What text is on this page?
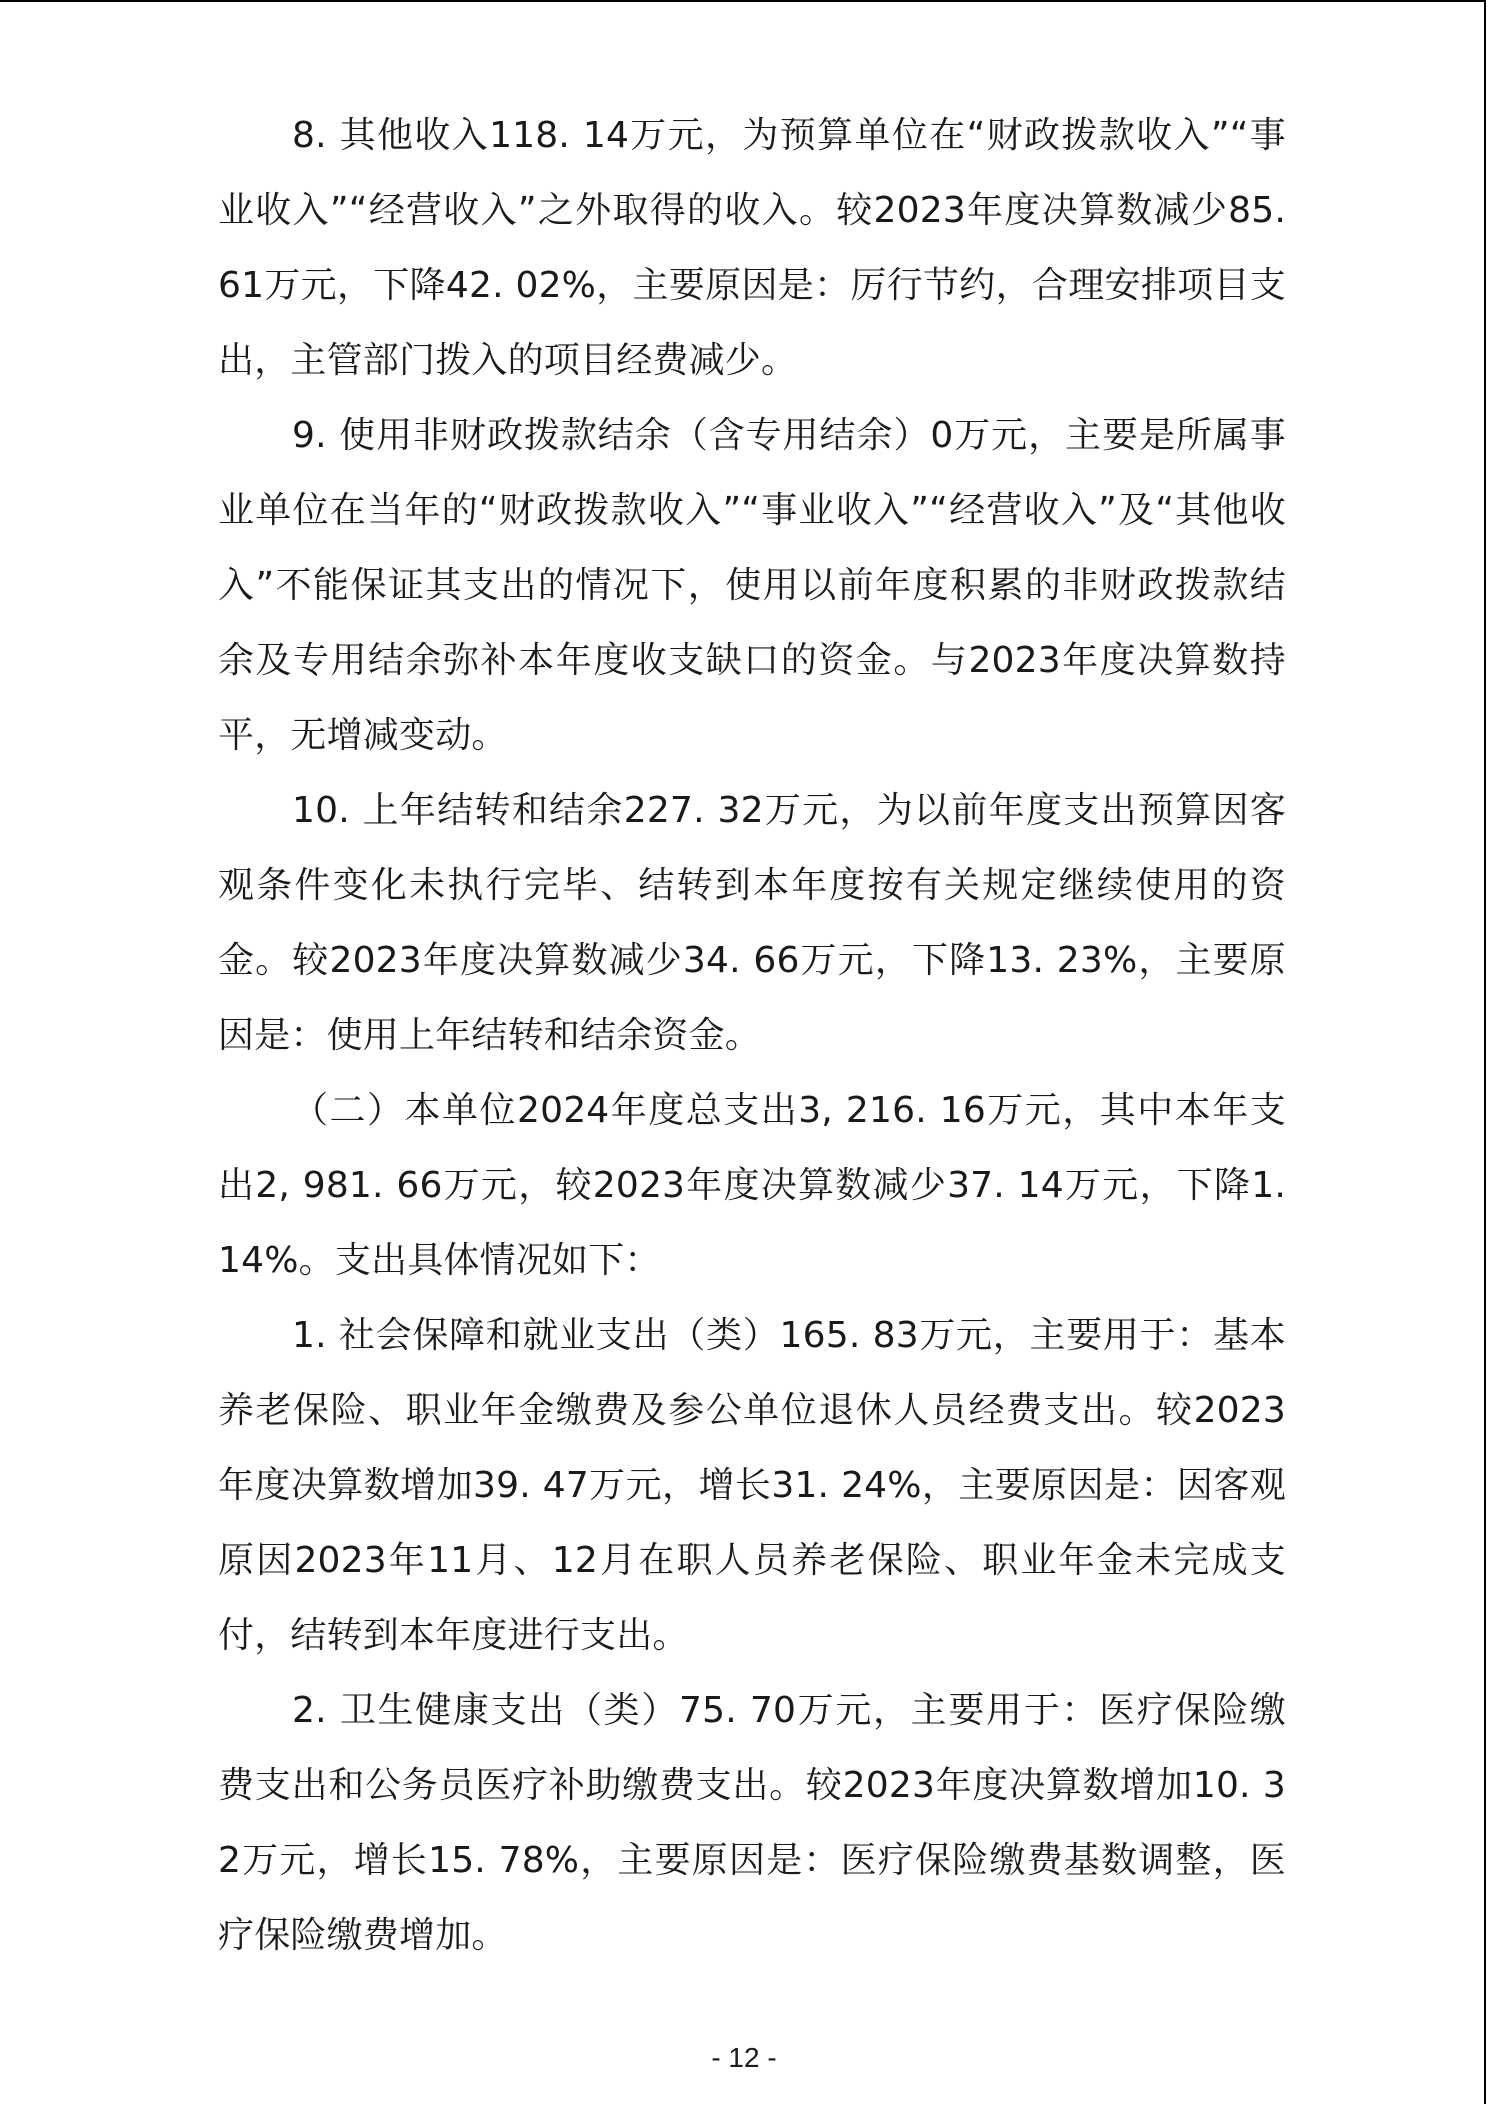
8. 其他收入118. 14万元，为预算单位在“财政拨款收入”“事业收入”“经营收入”之外取得的收入。较2023年度决算数减少85. 61万元，下降42. 02%，主要原因是：厉行节约，合理安排项目支出，主管部门拨入的项目经费减少。

9. 使用非财政拨款结余（含专用结余）0万元，主要是所属事业单位在当年的“财政拨款收入”“事业收入”“经营收入”及“其他收入”不能保证其支出的情况下，使用以前年度积累的非财政拨款结余及专用结余弥补本年度收支缺口的资金。与2023年度决算数持平，无增减变动。

10. 上年结转和结余227. 32万元，为以前年度支出预算因客观条件变化未执行完毕、结转到本年度按有关规定继续使用的资金。较2023年度决算数减少34. 66万元，下降13. 23%，主要原因是：使用上年结转和结余资金。

（二）本单位2024年度总支出3, 216. 16万元，其中本年支出2, 981. 66万元，较2023年度决算数减少37. 14万元，下降1. 14%。支出具体情况如下：

1. 社会保障和就业支出（类）165. 83万元，主要用于：基本养老保险、职业年金缴费及参公单位退休人员经费支出。较2023年度决算数增加39. 47万元，增长31. 24%，主要原因是：因客观原因2023年11月、12月在职人员养老保险、职业年金未完成支付，结转到本年度进行支出。

2. 卫生健康支出（类）75. 70万元，主要用于：医疗保险缴费支出和公务员医疗补助缴费支出。较2023年度决算数增加10. 32万元，增长15. 78%，主要原因是：医疗保险缴费基数调整，医疗保险缴费增加。

- 12 -
